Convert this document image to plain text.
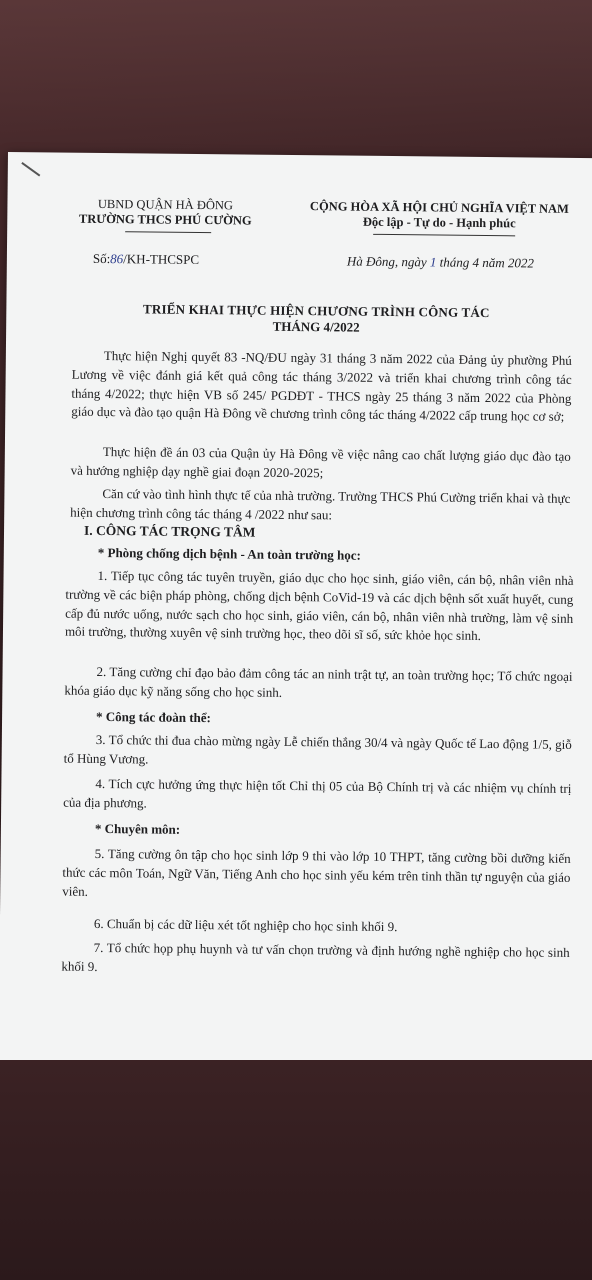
UBND QUẬN HÀ ĐÔNG
TRƯỜNG THCS PHÚ CƯỜNG
CỘNG HÒA XÃ HỘI CHỦ NGHĨA VIỆT NAM
Độc lập - Tự do - Hạnh phúc
Số:86/KH-THCSPC	Hà Đông, ngày 1 tháng 4 năm 2022
TRIỂN KHAI THỰC HIỆN CHƯƠNG TRÌNH CÔNG TÁC
THÁNG 4/2022
Thực hiện Nghị quyết 83 -NQ/ĐU ngày 31 tháng 3 năm 2022 của Đảng ủy phường Phú Lương về việc đánh giá kết quả công tác tháng 3/2022 và triển khai chương trình công tác tháng 4/2022; thực hiện VB số 245/ PGDĐT - THCS ngày 25 tháng 3 năm 2022 của Phòng giáo dục và đào tạo quận Hà Đông về chương trình công tác tháng 4/2022 cấp trung học cơ sở;
Thực hiện đề án 03 của Quận ủy Hà Đông về việc nâng cao chất lượng giáo dục đào tạo và hướng nghiệp dạy nghề giai đoạn 2020-2025;
Căn cứ vào tình hình thực tế của nhà trường. Trường THCS Phú Cường triển khai và thực hiện chương trình công tác tháng 4 /2022 như sau:
I. CÔNG TÁC TRỌNG TÂM
* Phòng chống dịch bệnh - An toàn trường học:
1. Tiếp tục công tác tuyên truyền, giáo dục cho học sinh, giáo viên, cán bộ, nhân viên nhà trường về các biện pháp phòng, chống dịch bệnh CoVid-19 và các dịch bệnh sốt xuất huyết, cung cấp đủ nước uống, nước sạch cho học sinh, giáo viên, cán bộ, nhân viên nhà trường, làm vệ sinh môi trường, thường xuyên vệ sinh trường học, theo dõi sĩ số, sức khỏe học sinh.
2. Tăng cường chỉ đạo bảo đảm công tác an ninh trật tự, an toàn trường học; Tổ chức ngoại khóa giáo dục kỹ năng sống cho học sinh.
* Công tác đoàn thể:
3. Tổ chức thi đua chào mừng ngày Lễ chiến thắng 30/4 và ngày Quốc tế Lao động 1/5, giỗ tổ Hùng Vương.
4. Tích cực hưởng ứng thực hiện tốt Chỉ thị 05 của Bộ Chính trị và các nhiệm vụ chính trị của địa phương.
* Chuyên môn:
5. Tăng cường ôn tập cho học sinh lớp 9 thi vào lớp 10 THPT, tăng cường bồi dưỡng kiến thức các môn Toán, Ngữ Văn, Tiếng Anh cho học sinh yếu kém trên tinh thần tự nguyện của giáo viên.
6. Chuẩn bị các dữ liệu xét tốt nghiệp cho học sinh khối 9.
7. Tổ chức họp phụ huynh và tư vấn chọn trường và định hướng nghề nghiệp cho học sinh khối 9.
